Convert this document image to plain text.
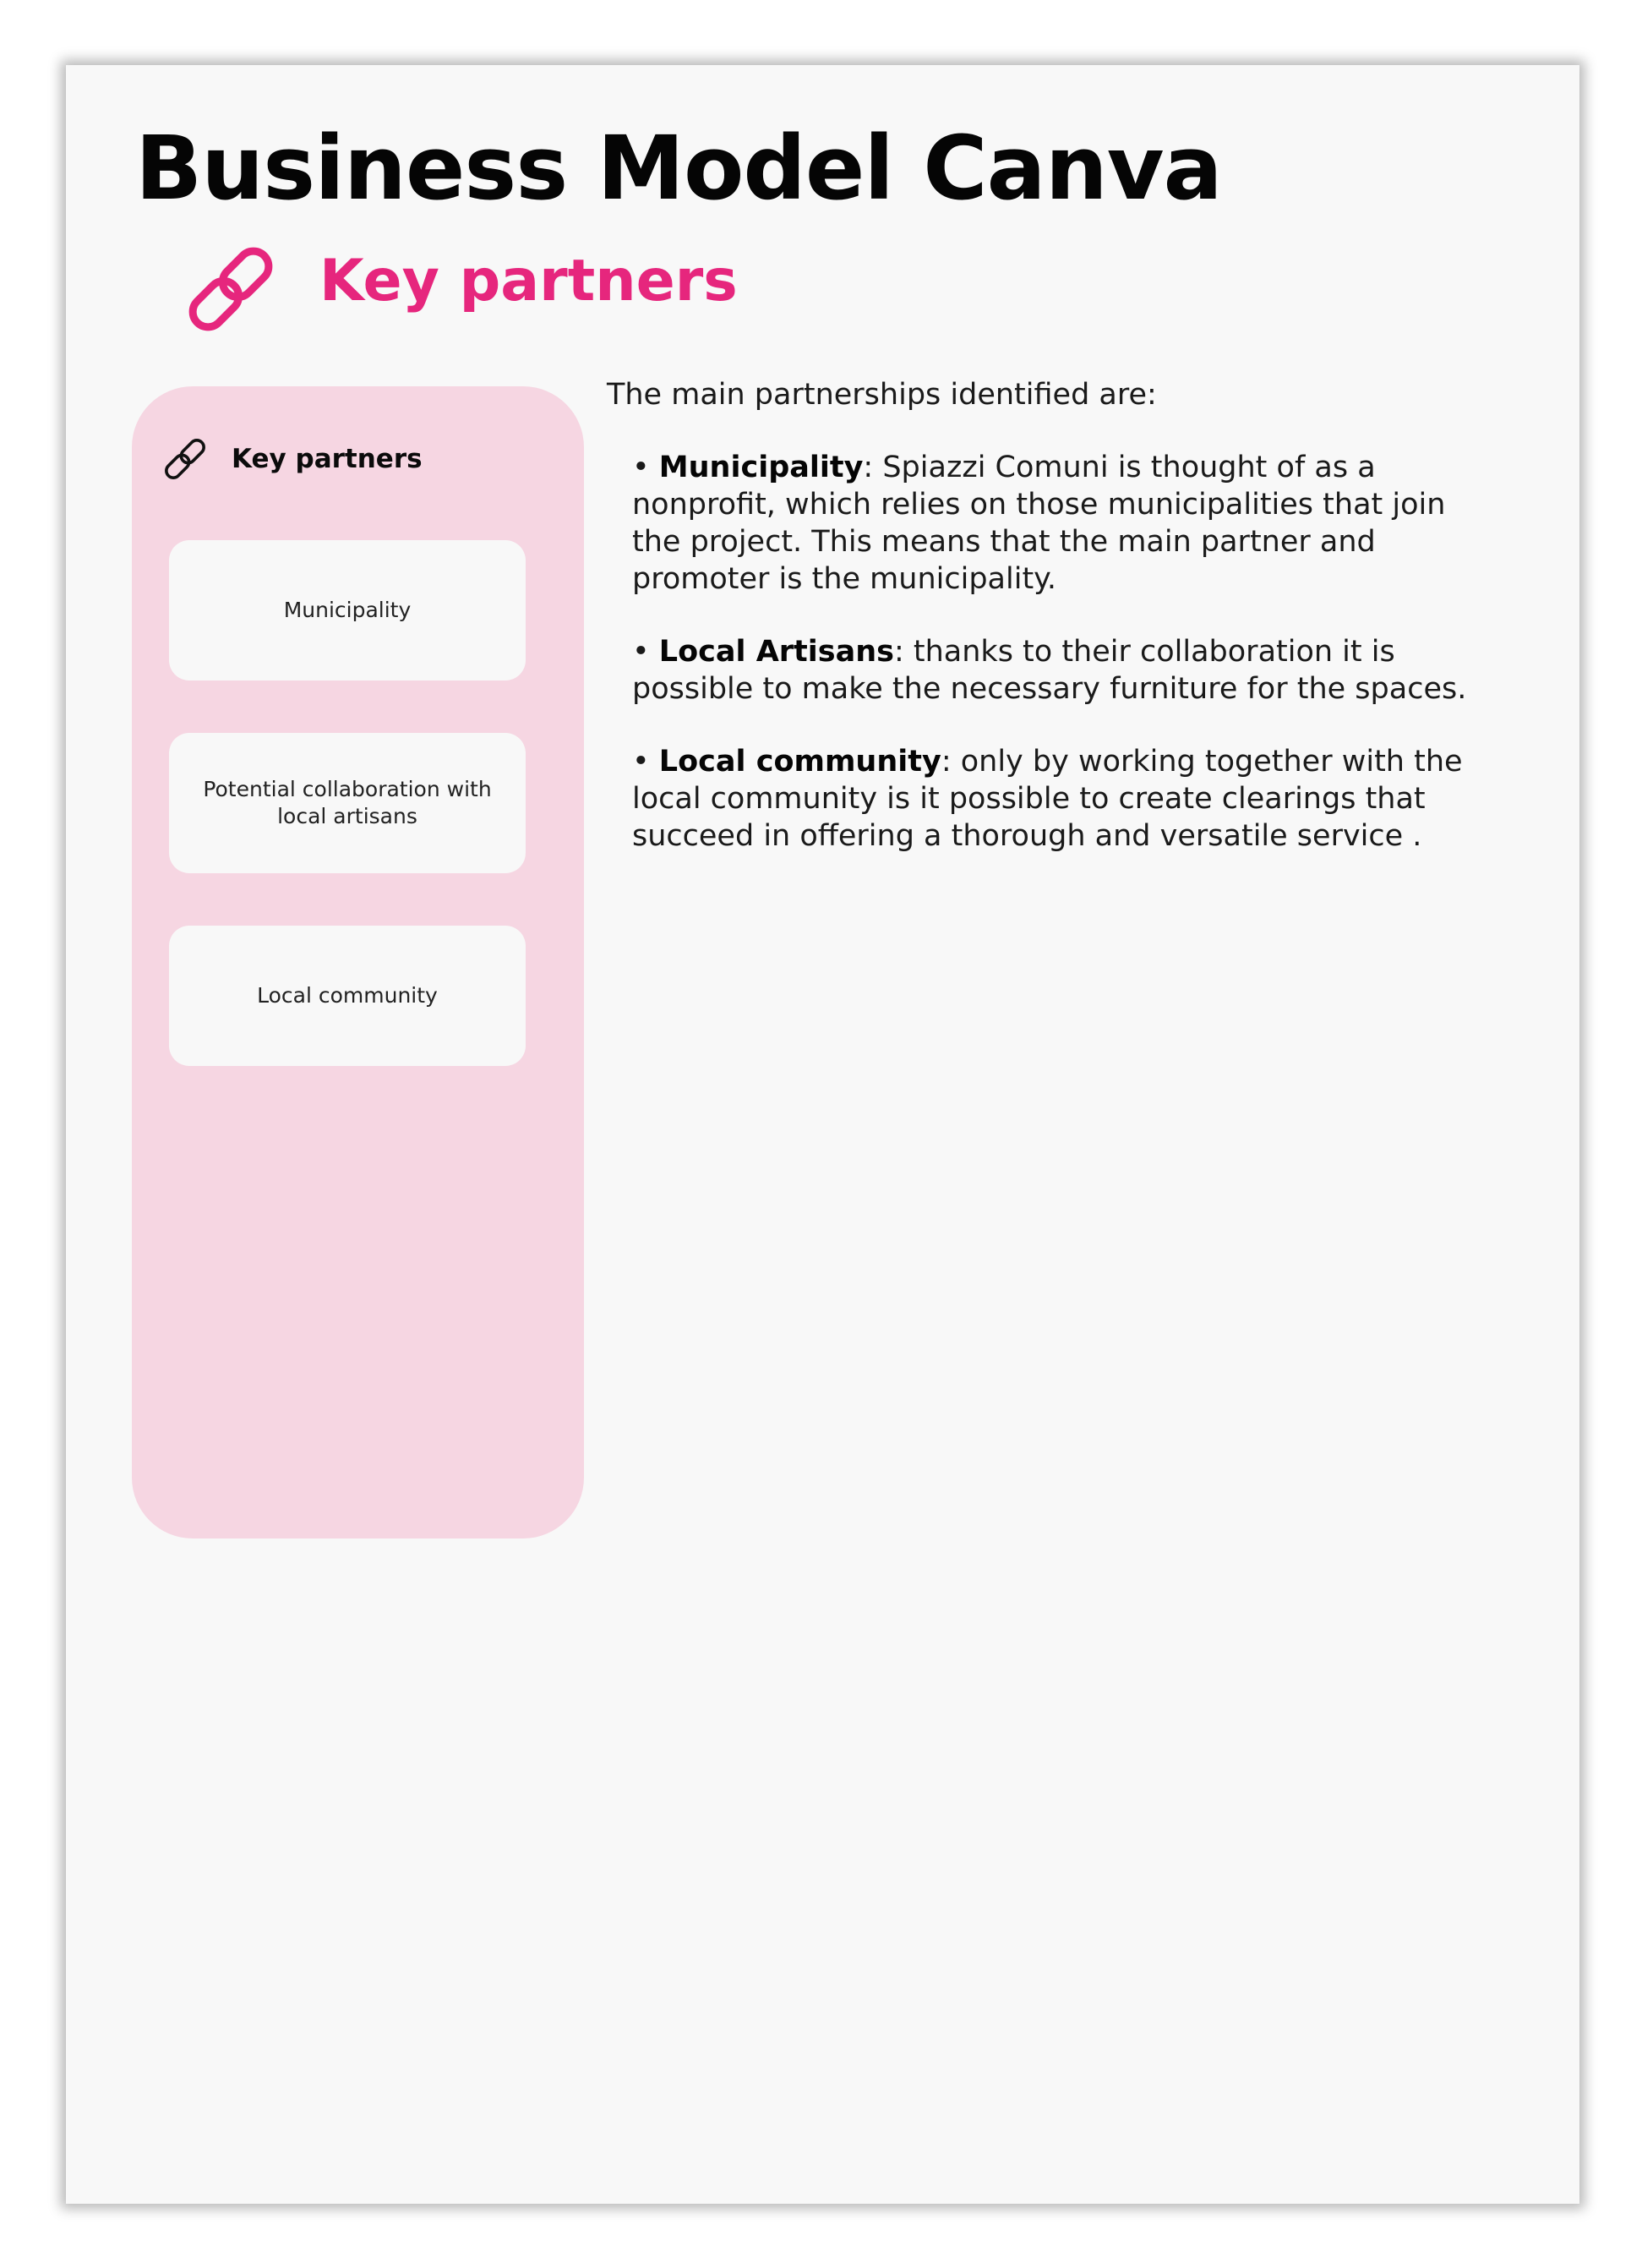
Business Model Canva
Key partners
Key partners
Municipality
Potential collaboration with local artisans
Local community

The main partnerships identified are:

• Municipality: Spiazzi Comuni is thought of as a nonprofit, which relies on those municipalities that join the project. This means that the main partner and promoter is the municipality.

• Local Artisans: thanks to their collaboration it is possible to make the necessary furniture for the spaces.

• Local community: only by working together with the local community is it possible to create clearings that succeed in offering a thorough and versatile service .
